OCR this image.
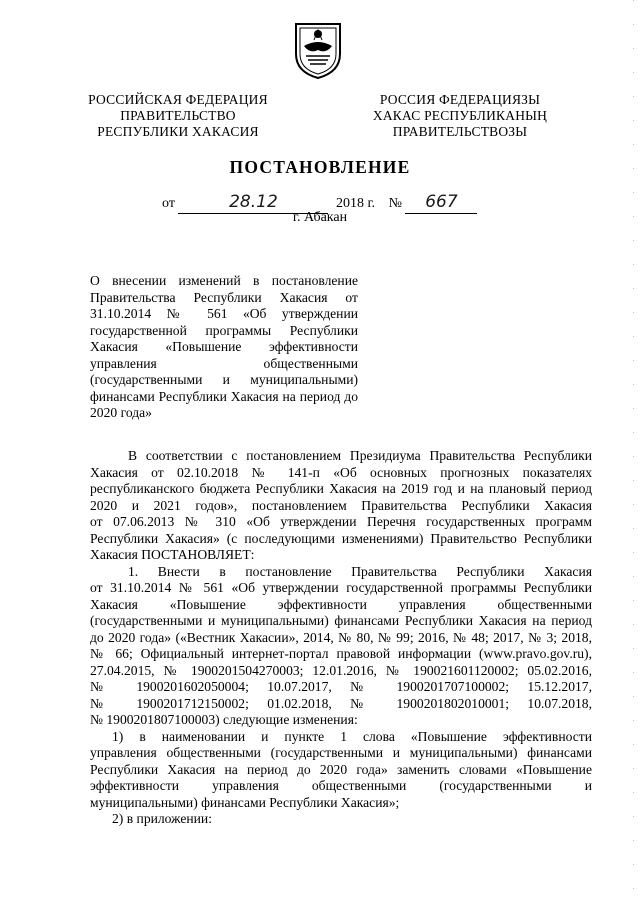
РОССИЙСКАЯ ФЕДЕРАЦИЯ
ПРАВИТЕЛЬСТВО
РЕСПУБЛИКИ ХАКАСИЯ
РОССИЯ ФЕДЕРАЦИЯЗЫ
ХАКАС РЕСПУБЛИКАНЫҢ
ПРАВИТЕЛЬСТВОЗЫ
ПОСТАНОВЛЕНИЕ
от	28.12	2018 г. № 667
г. Абакан
О внесении изменений в постановление Правительства Республики Хакасия от 31.10.2014 № 561 «Об утверждении государственной программы Республики Хакасия «Повышение эффективности управления общественными (государственными и муниципальными) финансами Республики Хакасия на период до 2020 года»

В соответствии с постановлением Президиума Правительства Республики

Хакасия от 02.10.2018 № 141-п «Об основных прогнозных показателях

республиканского бюджета Республики Хакасия на 2019 год и на плановый период

2020 и 2021 годов», постановлением Правительства Республики Хакасия

от 07.06.2013 № 310 «Об утверждении Перечня государственных программ

Республики Хакасия» (с последующими изменениями) Правительство Республики

Хакасия ПОСТАНОВЛЯЕТ:

1. Внести в постановление Правительства Республики Хакасия

от 31.10.2014 № 561 «Об утверждении государственной программы Республики

Хакасия «Повышение эффективности управления общественными

(государственными и муниципальными) финансами Республики Хакасия на период

до 2020 года» («Вестник Хакасии», 2014, № 80, № 99; 2016, № 48; 2017, № 3; 2018,

№ 66; Официальный интернет-портал правовой информации (www.pravo.gov.ru),

27.04.2015, № 1900201504270003; 12.01.2016, № 190021601120002; 05.02.2016,

№ 1900201602050004; 10.07.2017, № 1900201707100002; 15.12.2017,

№ 1900201712150002; 01.02.2018, № 1900201802010001; 10.07.2018,

№ 1900201807100003) следующие изменения:

1) в наименовании и пункте 1 слова «Повышение эффективности

управления общественными (государственными и муниципальными) финансами

Республики Хакасия на период до 2020 года» заменить словами «Повышение

эффективности управления общественными (государственными и

муниципальными) финансами Республики Хакасия»;

2) в приложении:
